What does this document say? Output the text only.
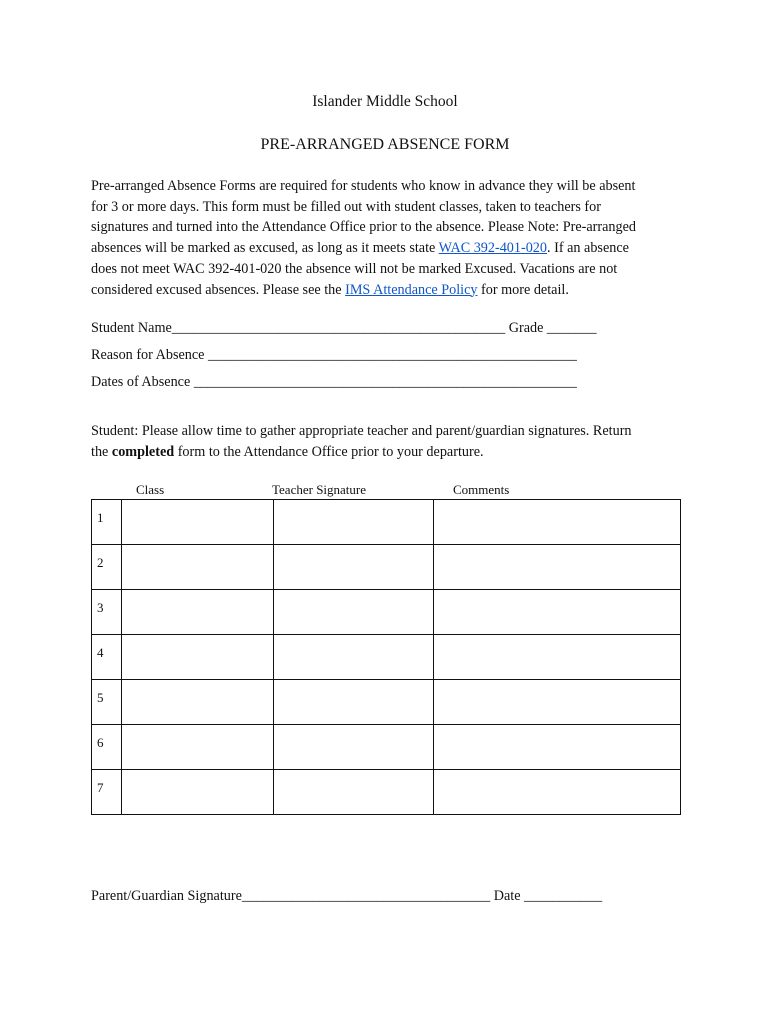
Islander Middle School
PRE-ARRANGED ABSENCE FORM
Pre-arranged Absence Forms are required for students who know in advance they will be absent
for 3 or more days. This form must be filled out with student classes, taken to teachers for
signatures and turned into the Attendance Office prior to the absence. Please Note: Pre-arranged
absences will be marked as excused, as long as it meets state WAC 392-401-020. If an absence
does not meet WAC 392-401-020 the absence will not be marked Excused. Vacations are not
considered excused absences. Please see the IMS Attendance Policy for more detail.
Student Name_______________________________________________ Grade _______
Reason for Absence ____________________________________________________
Dates of Absence ______________________________________________________
Student: Please allow time to gather appropriate teacher and parent/guardian signatures. Return
the completed form to the Attendance Office prior to your departure.
Class	Teacher Signature	Comments
1			
2			
3			
4			
5			
6			
7			
Parent/Guardian Signature___________________________________ Date ___________
